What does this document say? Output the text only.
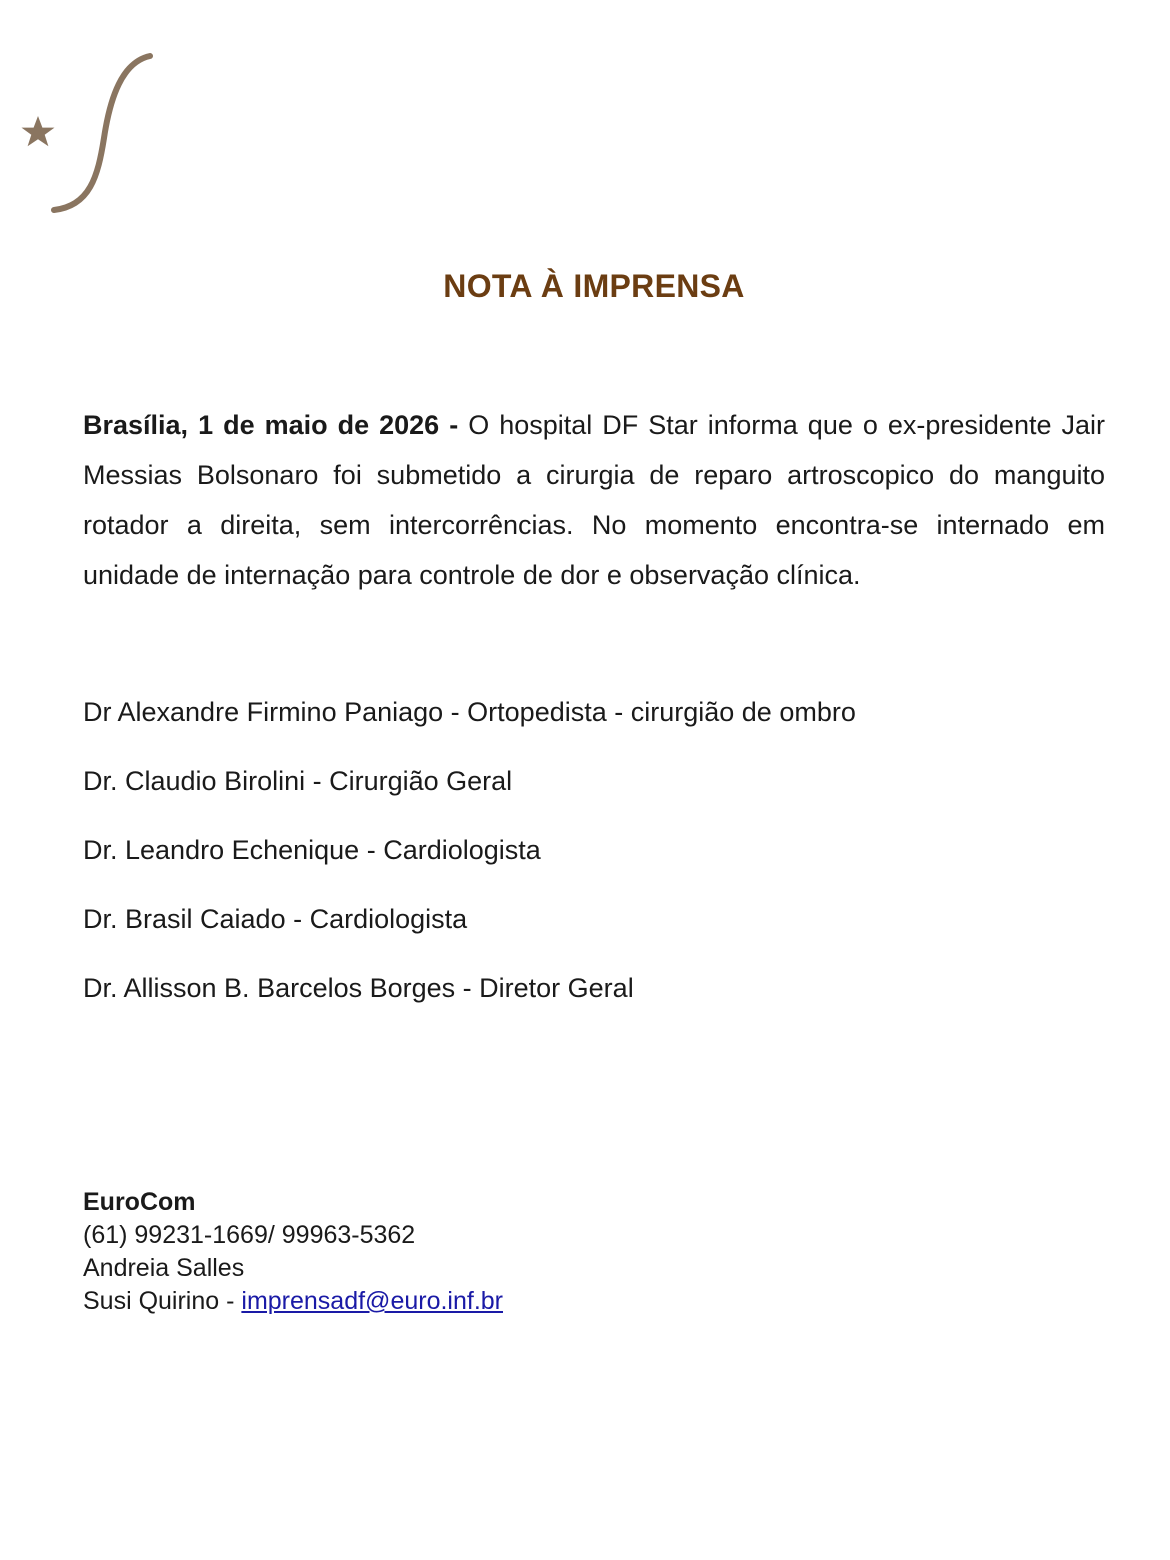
NOTA À IMPRENSA

Brasília, 1 de maio de 2026 - O hospital DF Star informa que o ex-presidente Jair Messias Bolsonaro foi submetido a cirurgia de reparo artroscopico do manguito rotador a direita, sem intercorrências. No momento encontra-se internado em unidade de internação para controle de dor e observação clínica.

Dr Alexandre Firmino Paniago - Ortopedista - cirurgião de ombro
Dr. Claudio Birolini - Cirurgião Geral
Dr. Leandro Echenique - Cardiologista
Dr. Brasil Caiado - Cardiologista
Dr. Allisson B. Barcelos Borges - Diretor Geral
EuroCom
(61) 99231-1669/ 99963-5362
Andreia Salles
Susi Quirino - imprensadf@euro.inf.br
